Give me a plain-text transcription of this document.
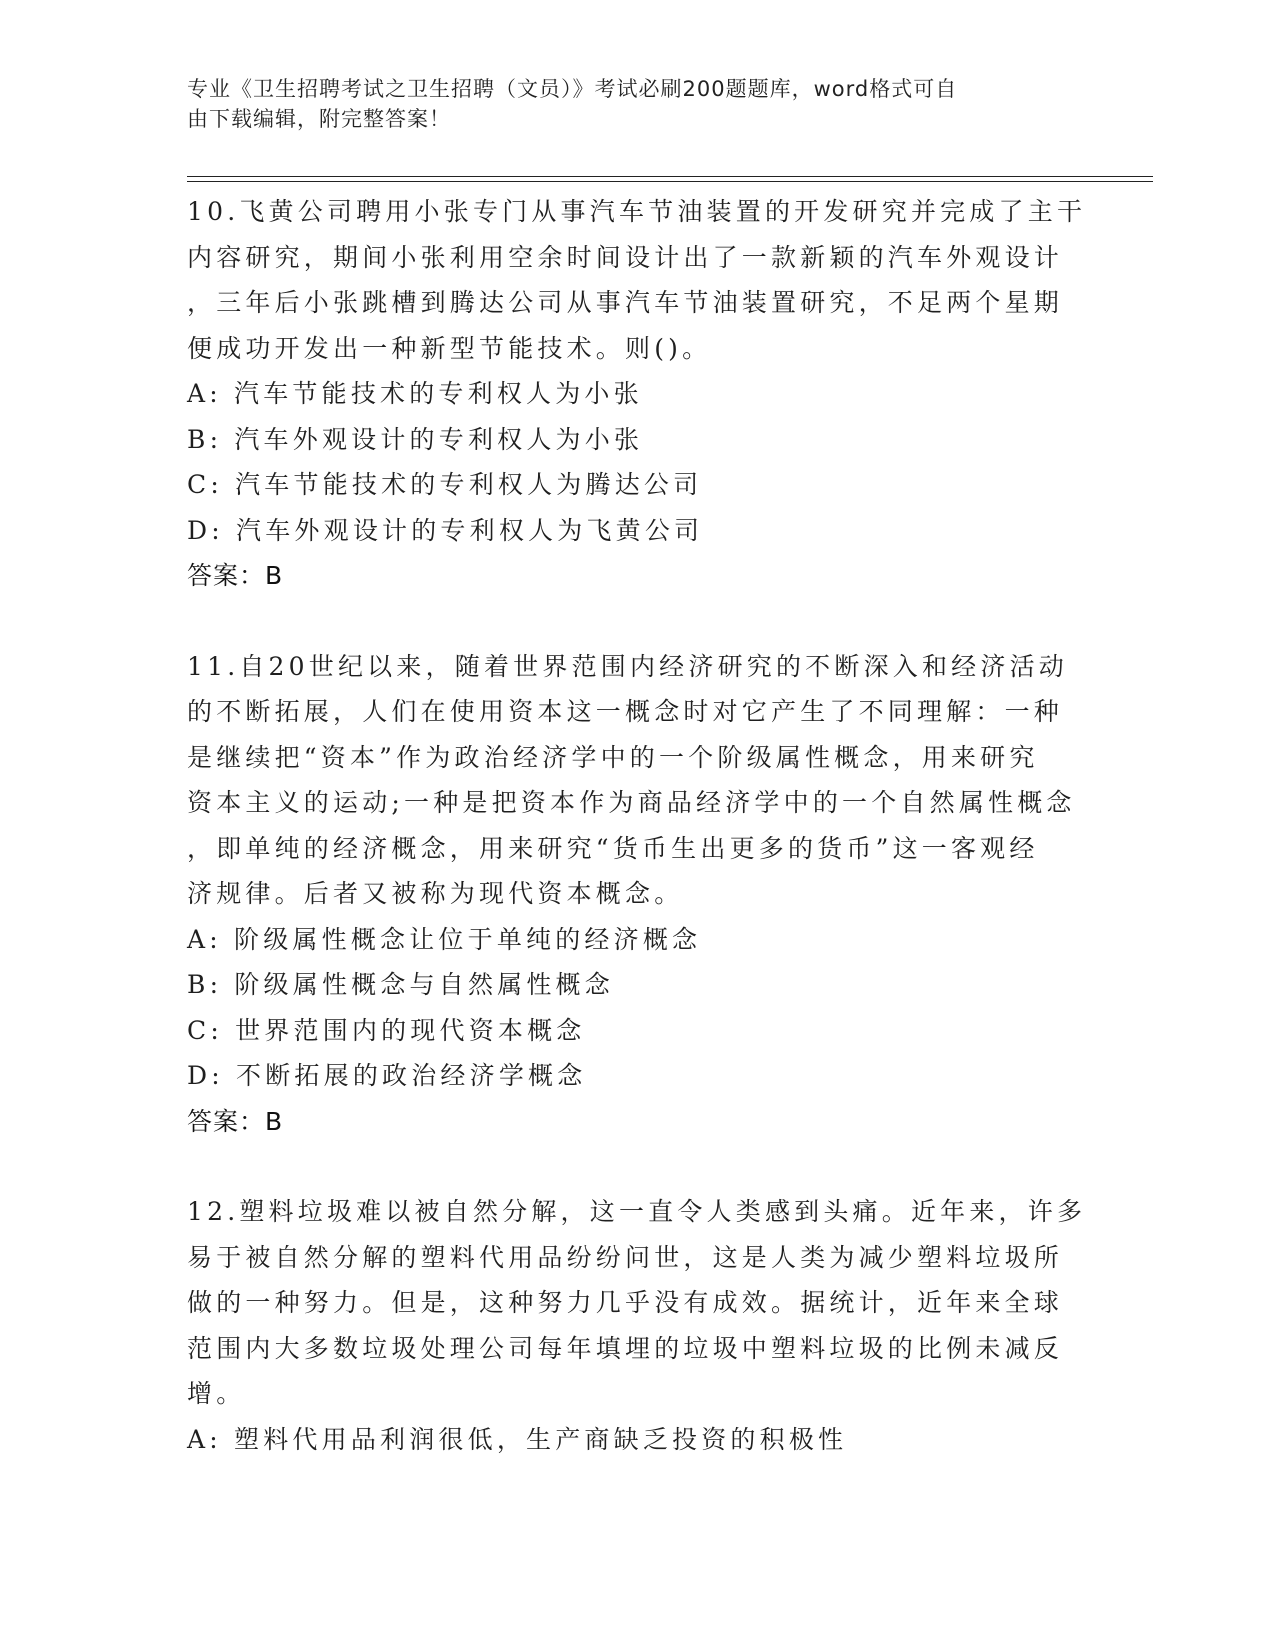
专业《卫生招聘考试之卫生招聘（文员）》考试必刷200题题库，word格式可自
由下载编辑，附完整答案！
10.飞黄公司聘用小张专门从事汽车节油装置的开发研究并完成了主干
内容研究，期间小张利用空余时间设计出了一款新颖的汽车外观设计
，三年后小张跳槽到腾达公司从事汽车节油装置研究，不足两个星期
便成功开发出一种新型节能技术。则()。
A: 汽车节能技术的专利权人为小张
B: 汽车外观设计的专利权人为小张
C: 汽车节能技术的专利权人为腾达公司
D: 汽车外观设计的专利权人为飞黄公司
答案：B
11.自20世纪以来，随着世界范围内经济研究的不断深入和经济活动
的不断拓展，人们在使用资本这一概念时对它产生了不同理解：一种
是继续把“资本”作为政治经济学中的一个阶级属性概念，用来研究
资本主义的运动;一种是把资本作为商品经济学中的一个自然属性概念
，即单纯的经济概念，用来研究“货币生出更多的货币”这一客观经
济规律。后者又被称为现代资本概念。
A: 阶级属性概念让位于单纯的经济概念
B: 阶级属性概念与自然属性概念
C: 世界范围内的现代资本概念
D: 不断拓展的政治经济学概念
答案：B
12.塑料垃圾难以被自然分解，这一直令人类感到头痛。近年来，许多
易于被自然分解的塑料代用品纷纷问世，这是人类为减少塑料垃圾所
做的一种努力。但是，这种努力几乎没有成效。据统计，近年来全球
范围内大多数垃圾处理公司每年填埋的垃圾中塑料垃圾的比例未减反
增。
A: 塑料代用品利润很低，生产商缺乏投资的积极性
